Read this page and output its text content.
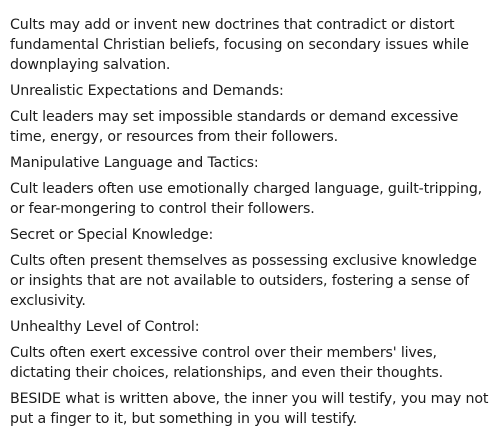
Cults may add or invent new doctrines that contradict or distort fundamental Christian beliefs, focusing on secondary issues while downplaying salvation.

Unrealistic Expectations and Demands:

Cult leaders may set impossible standards or demand excessive time, energy, or resources from their followers.

Manipulative Language and Tactics:

Cult leaders often use emotionally charged language, guilt-tripping, or fear-mongering to control their followers.

Secret or Special Knowledge:

Cults often present themselves as possessing exclusive knowledge or insights that are not available to outsiders, fostering a sense of exclusivity.

Unhealthy Level of Control:

Cults often exert excessive control over their members' lives, dictating their choices, relationships, and even their thoughts.

BESIDE what is written above, the inner you will testify, you may not put a finger to it, but something in you will testify.
